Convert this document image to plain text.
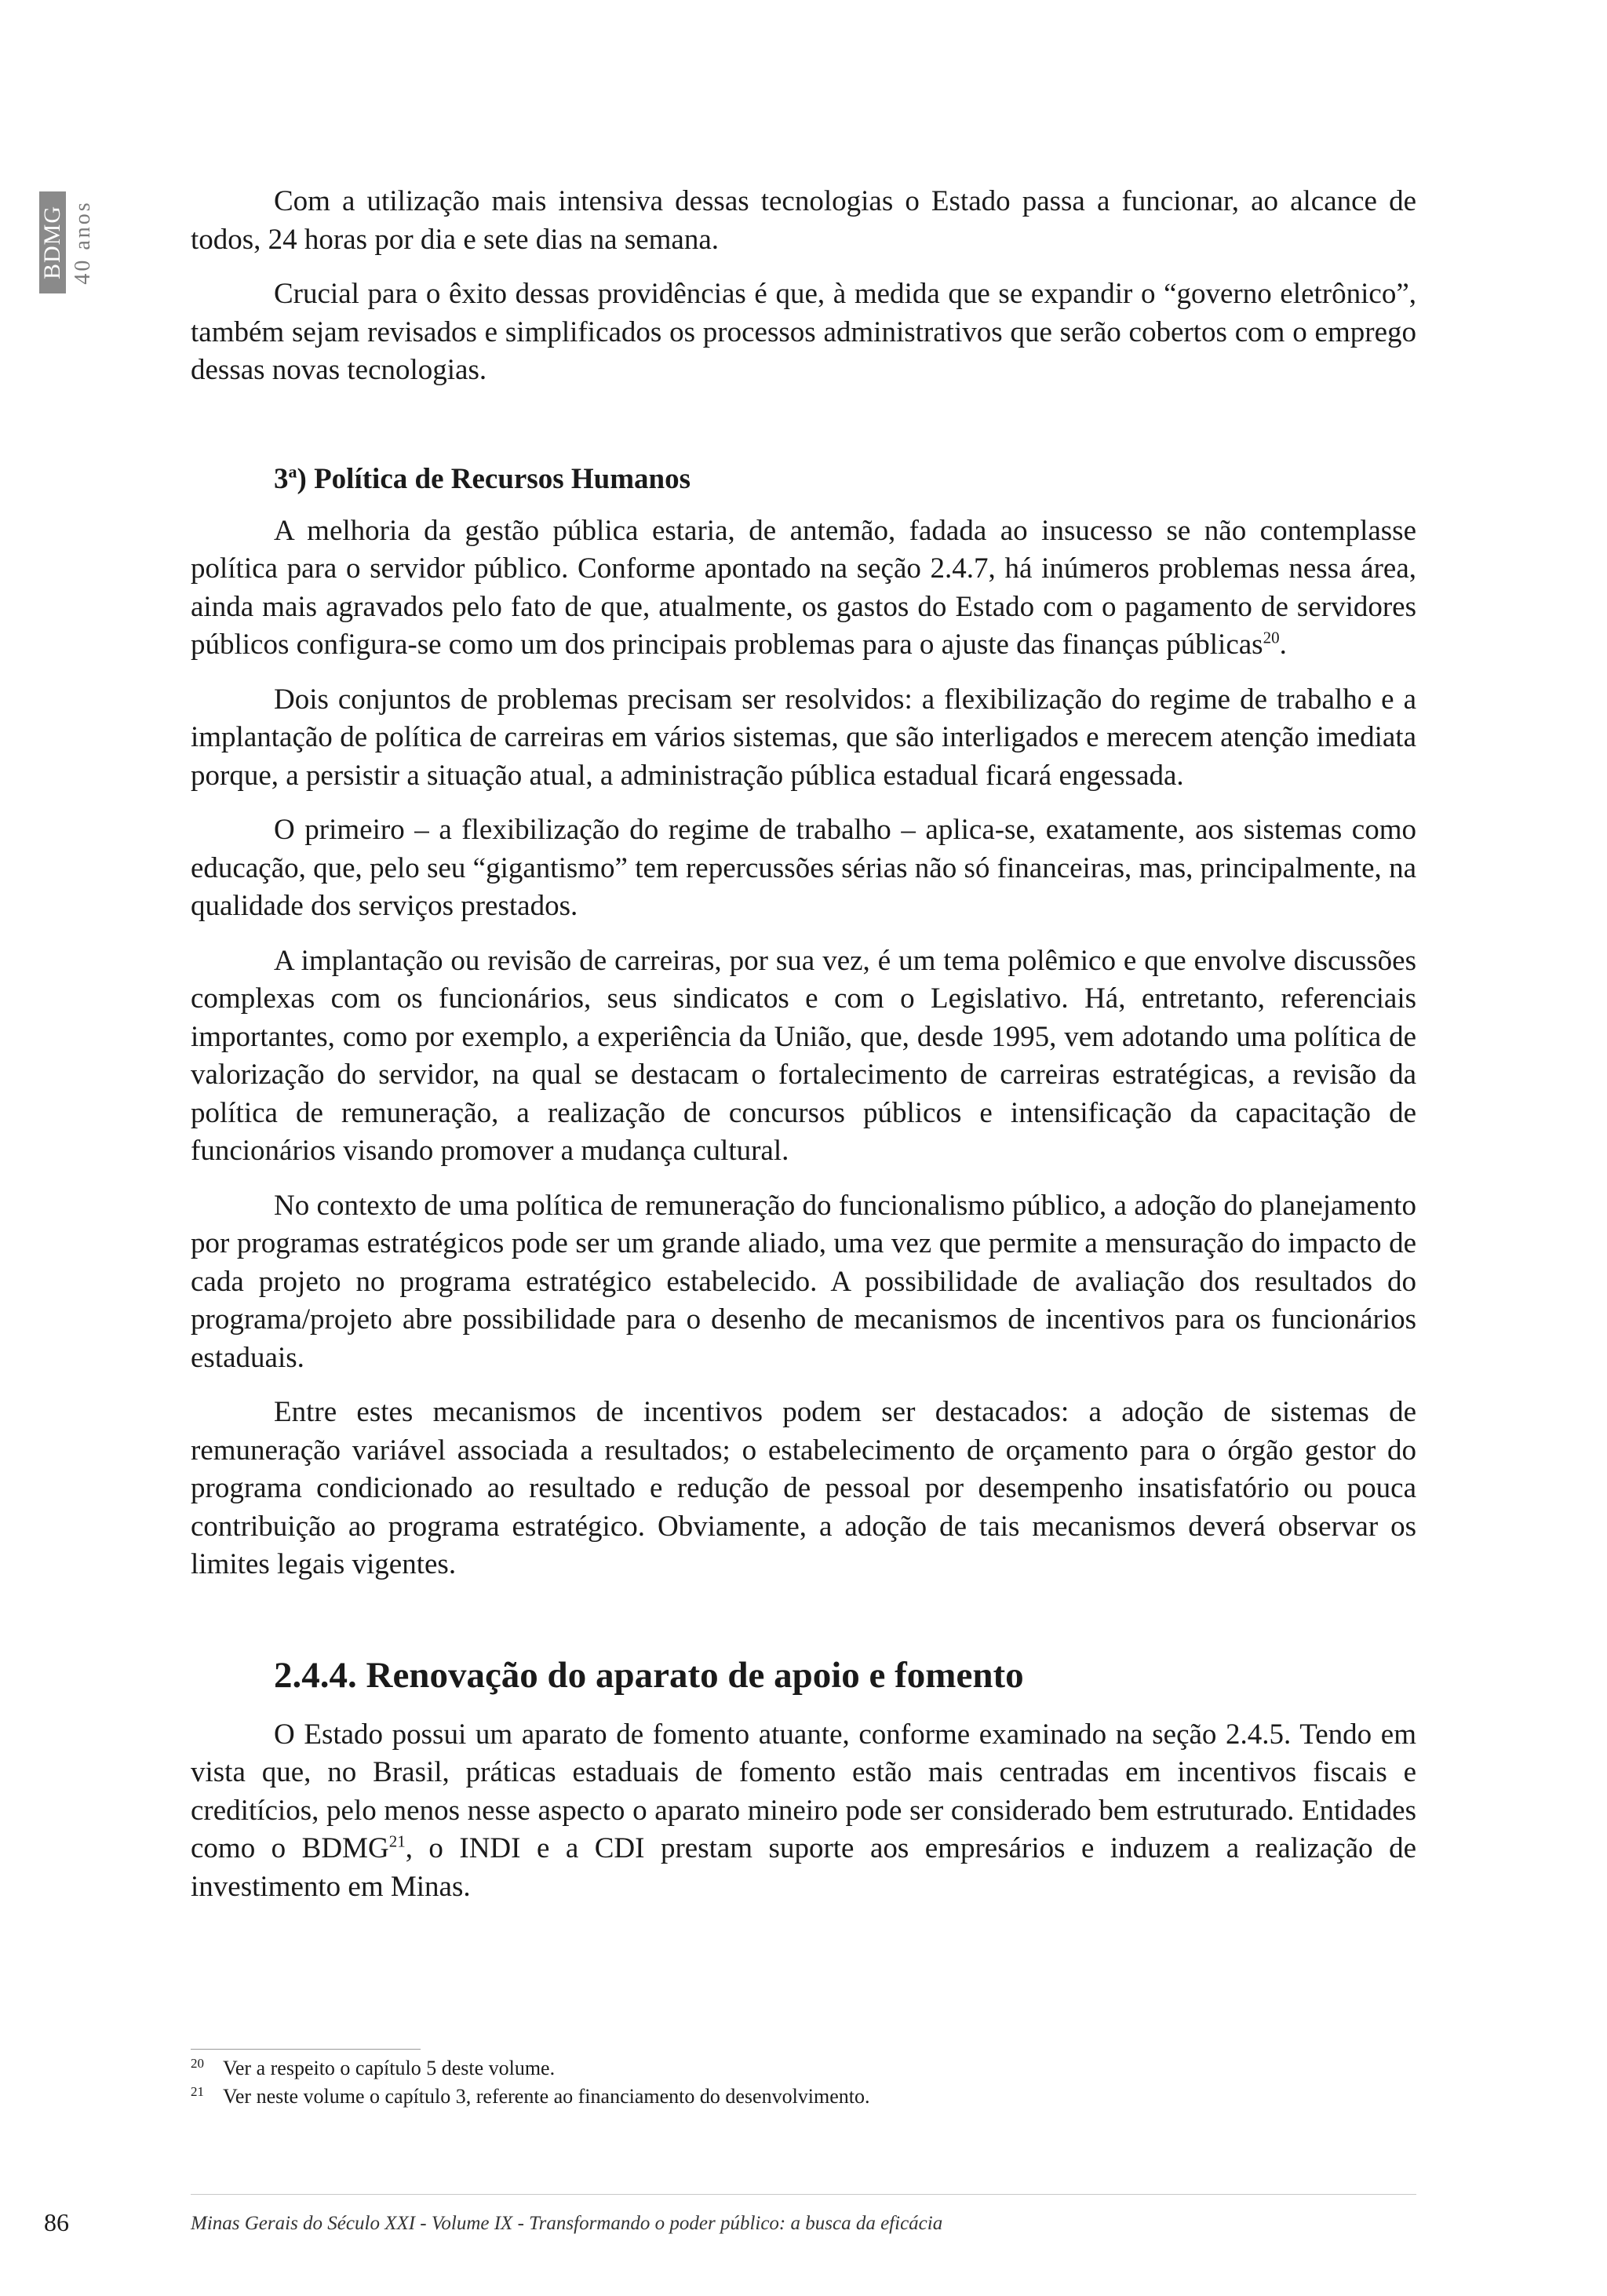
BDMG 40 anos	Com a utilização mais intensiva dessas tecnologias o Estado passa a funcionar, ao alcance de todos, 24 horas por dia e sete dias na semana.

Crucial para o êxito dessas providências é que, à medida que se expandir o “governo eletrônico”, também sejam revisados e simplificados os processos administrativos que serão cobertos com o emprego dessas novas tecnologias.

3$^a$) Política de Recursos Humanos

A melhoria da gestão pública estaria, de antemão, fadada ao insucesso se não contemplasse política para o servidor público. Conforme apontado na seção 2.4.7, há inúmeros problemas nessa área, ainda mais agravados pelo fato de que, atualmente, os gastos do Estado com o pagamento de servidores públicos configura-se como um dos principais problemas para o ajuste das finanças públicas$^{20}$.

Dois conjuntos de problemas precisam ser resolvidos: a flexibilização do regime de trabalho e a implantação de política de carreiras em vários sistemas, que são interligados e merecem atenção imediata porque, a persistir a situação atual, a administração pública estadual ficará engessada.

O primeiro – a flexibilização do regime de trabalho – aplica-se, exatamente, aos sistemas como educação, que, pelo seu “gigantismo” tem repercussões sérias não só financeiras, mas, principalmente, na qualidade dos serviços prestados.

A implantação ou revisão de carreiras, por sua vez, é um tema polêmico e que envolve discussões complexas com os funcionários, seus sindicatos e com o Legislativo. Há, entretanto, referenciais importantes, como por exemplo, a experiência da União, que, desde 1995, vem adotando uma política de valorização do servidor, na qual se destacam o fortalecimento de carreiras estratégicas, a revisão da política de remuneração, a realização de concursos públicos e intensificação da capacitação de funcionários visando promover a mudança cultural.

No contexto de uma política de remuneração do funcionalismo público, a adoção do planejamento por programas estratégicos pode ser um grande aliado, uma vez que permite a mensuração do impacto de cada projeto no programa estratégico estabelecido. A possibilidade de avaliação dos resultados do programa/projeto abre possibilidade para o desenho de mecanismos de incentivos para os funcionários estaduais.

Entre estes mecanismos de incentivos podem ser destacados: a adoção de sistemas de remuneração variável associada a resultados; o estabelecimento de orçamento para o órgão gestor do programa condicionado ao resultado e redução de pessoal por desempenho insatisfatório ou pouca contribuição ao programa estratégico. Obviamente, a adoção de tais mecanismos deverá observar os limites legais vigentes.

2.4.4. Renovação do aparato de apoio e fomento

O Estado possui um aparato de fomento atuante, conforme examinado na seção 2.4.5. Tendo em vista que, no Brasil, práticas estaduais de fomento estão mais centradas em incentivos fiscais e creditícios, pelo menos nesse aspecto o aparato mineiro pode ser considerado bem estruturado. Entidades como o BDMG$^{21}$, o INDI e a CDI prestam suporte aos empresários e induzem a realização de investimento em Minas.

20 Ver a respeito o capítulo 5 deste volume.
21 Ver neste volume o capítulo 3, referente ao financiamento do desenvolvimento.
86	Minas Gerais do Século XXI - Volume IX - Transformando o poder público: a busca da eficácia
